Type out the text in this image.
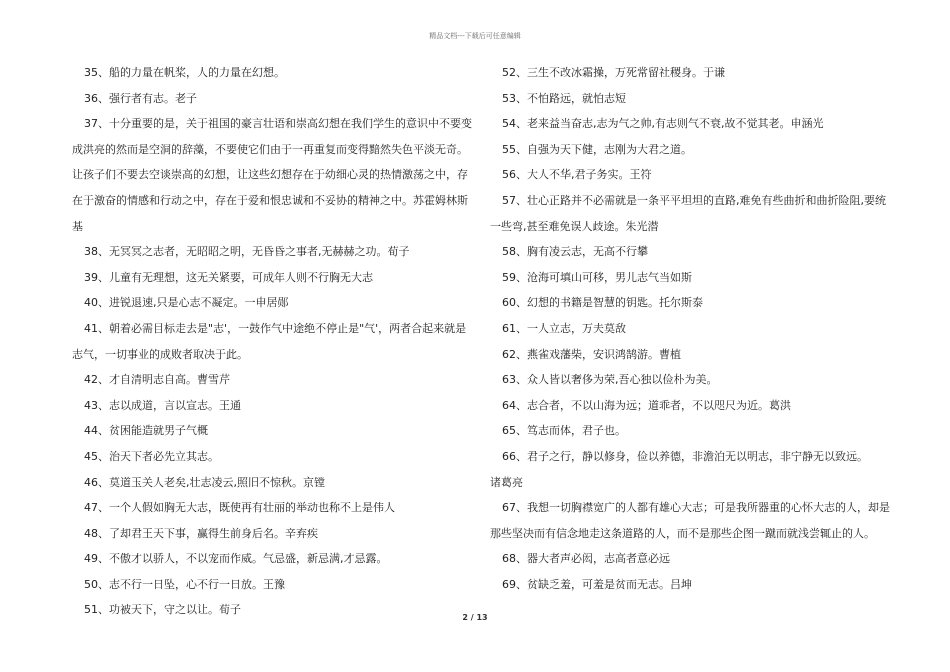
精品文档---下载后可任意编辑

35、船的力量在帆桨，人的力量在幻想。

36、强行者有志。老子

37、十分重要的是，关于祖国的豪言壮语和崇高幻想在我们学生的意识中不要变成洪亮的然而是空洞的辞藻，不要使它们由于一再重复而变得黯然失色平淡无奇。让孩子们不要去空谈崇高的幻想，让这些幻想存在于幼细心灵的热情激荡之中，存在于激奋的情感和行动之中，存在于爱和恨忠诚和不妥协的精神之中。苏霍姆林斯基

38、无冥冥之志者，无昭昭之明，无昏昏之事者,无赫赫之功。荀子

39、儿童有无理想，这无关紧要，可成年人则不行胸无大志

40、进锐退速,只是心志不凝定。一申居郧

41、朝着必需目标走去是"志'，一鼓作气中途绝不停止是"气'，两者合起来就是志气，一切事业的成败者取决于此。

42、才自清明志自高。曹雪芹

43、志以成道，言以宣志。王通

44、贫困能造就男子气概

45、治天下者必先立其志。

46、莫道玉关人老矣,壮志凌云,照旧不惊秋。京镗

47、一个人假如胸无大志，既使再有壮丽的举动也称不上是伟人

48、了却君王天下事，赢得生前身后名。辛弃疾

49、不傲才以骄人，不以宠而作威。气忌盛，新忌满,才忌露。

50、志不行一日坠，心不行一日放。王豫

51、功被天下，守之以让。荀子

52、三生不改冰霜操，万死常留社稷身。于谦

53、不怕路远，就怕志短

54、老来益当奋志,志为气之帅,有志则气不衰,故不觉其老。申涵光

55、自强为天下健，志刚为大君之道。

56、大人不华,君子务实。王符

57、壮心正路并不必需就是一条平平坦坦的直路,难免有些曲折和曲折险阻,要统一些弯,甚至难免误人歧途。朱光潜

58、胸有凌云志，无高不行攀

59、沧海可填山可移，男儿志气当如斯

60、幻想的书籍是智慧的钥匙。托尔斯泰

61、一人立志，万夫莫敌

62、燕雀戏藩柴，安识鸿鹄游。曹植

63、众人皆以奢侈为荣,吾心独以俭朴为美。

64、志合者，不以山海为远；道乖者，不以咫尺为近。葛洪

65、笃志而体，君子也。

66、君子之行，静以修身，俭以养德，非澹泊无以明志，非宁静无以致远。

诸葛亮

67、我想一切胸襟宽广的人都有雄心大志；可是我所器重的心怀大志的人，却是那些坚决而有信念地走这条道路的人，而不是那些企图一蹴而就浅尝辄止的人。

68、器大者声必闳，志高者意必远

69、贫缺乏羞，可羞是贫而无志。吕坤

2 / 13
